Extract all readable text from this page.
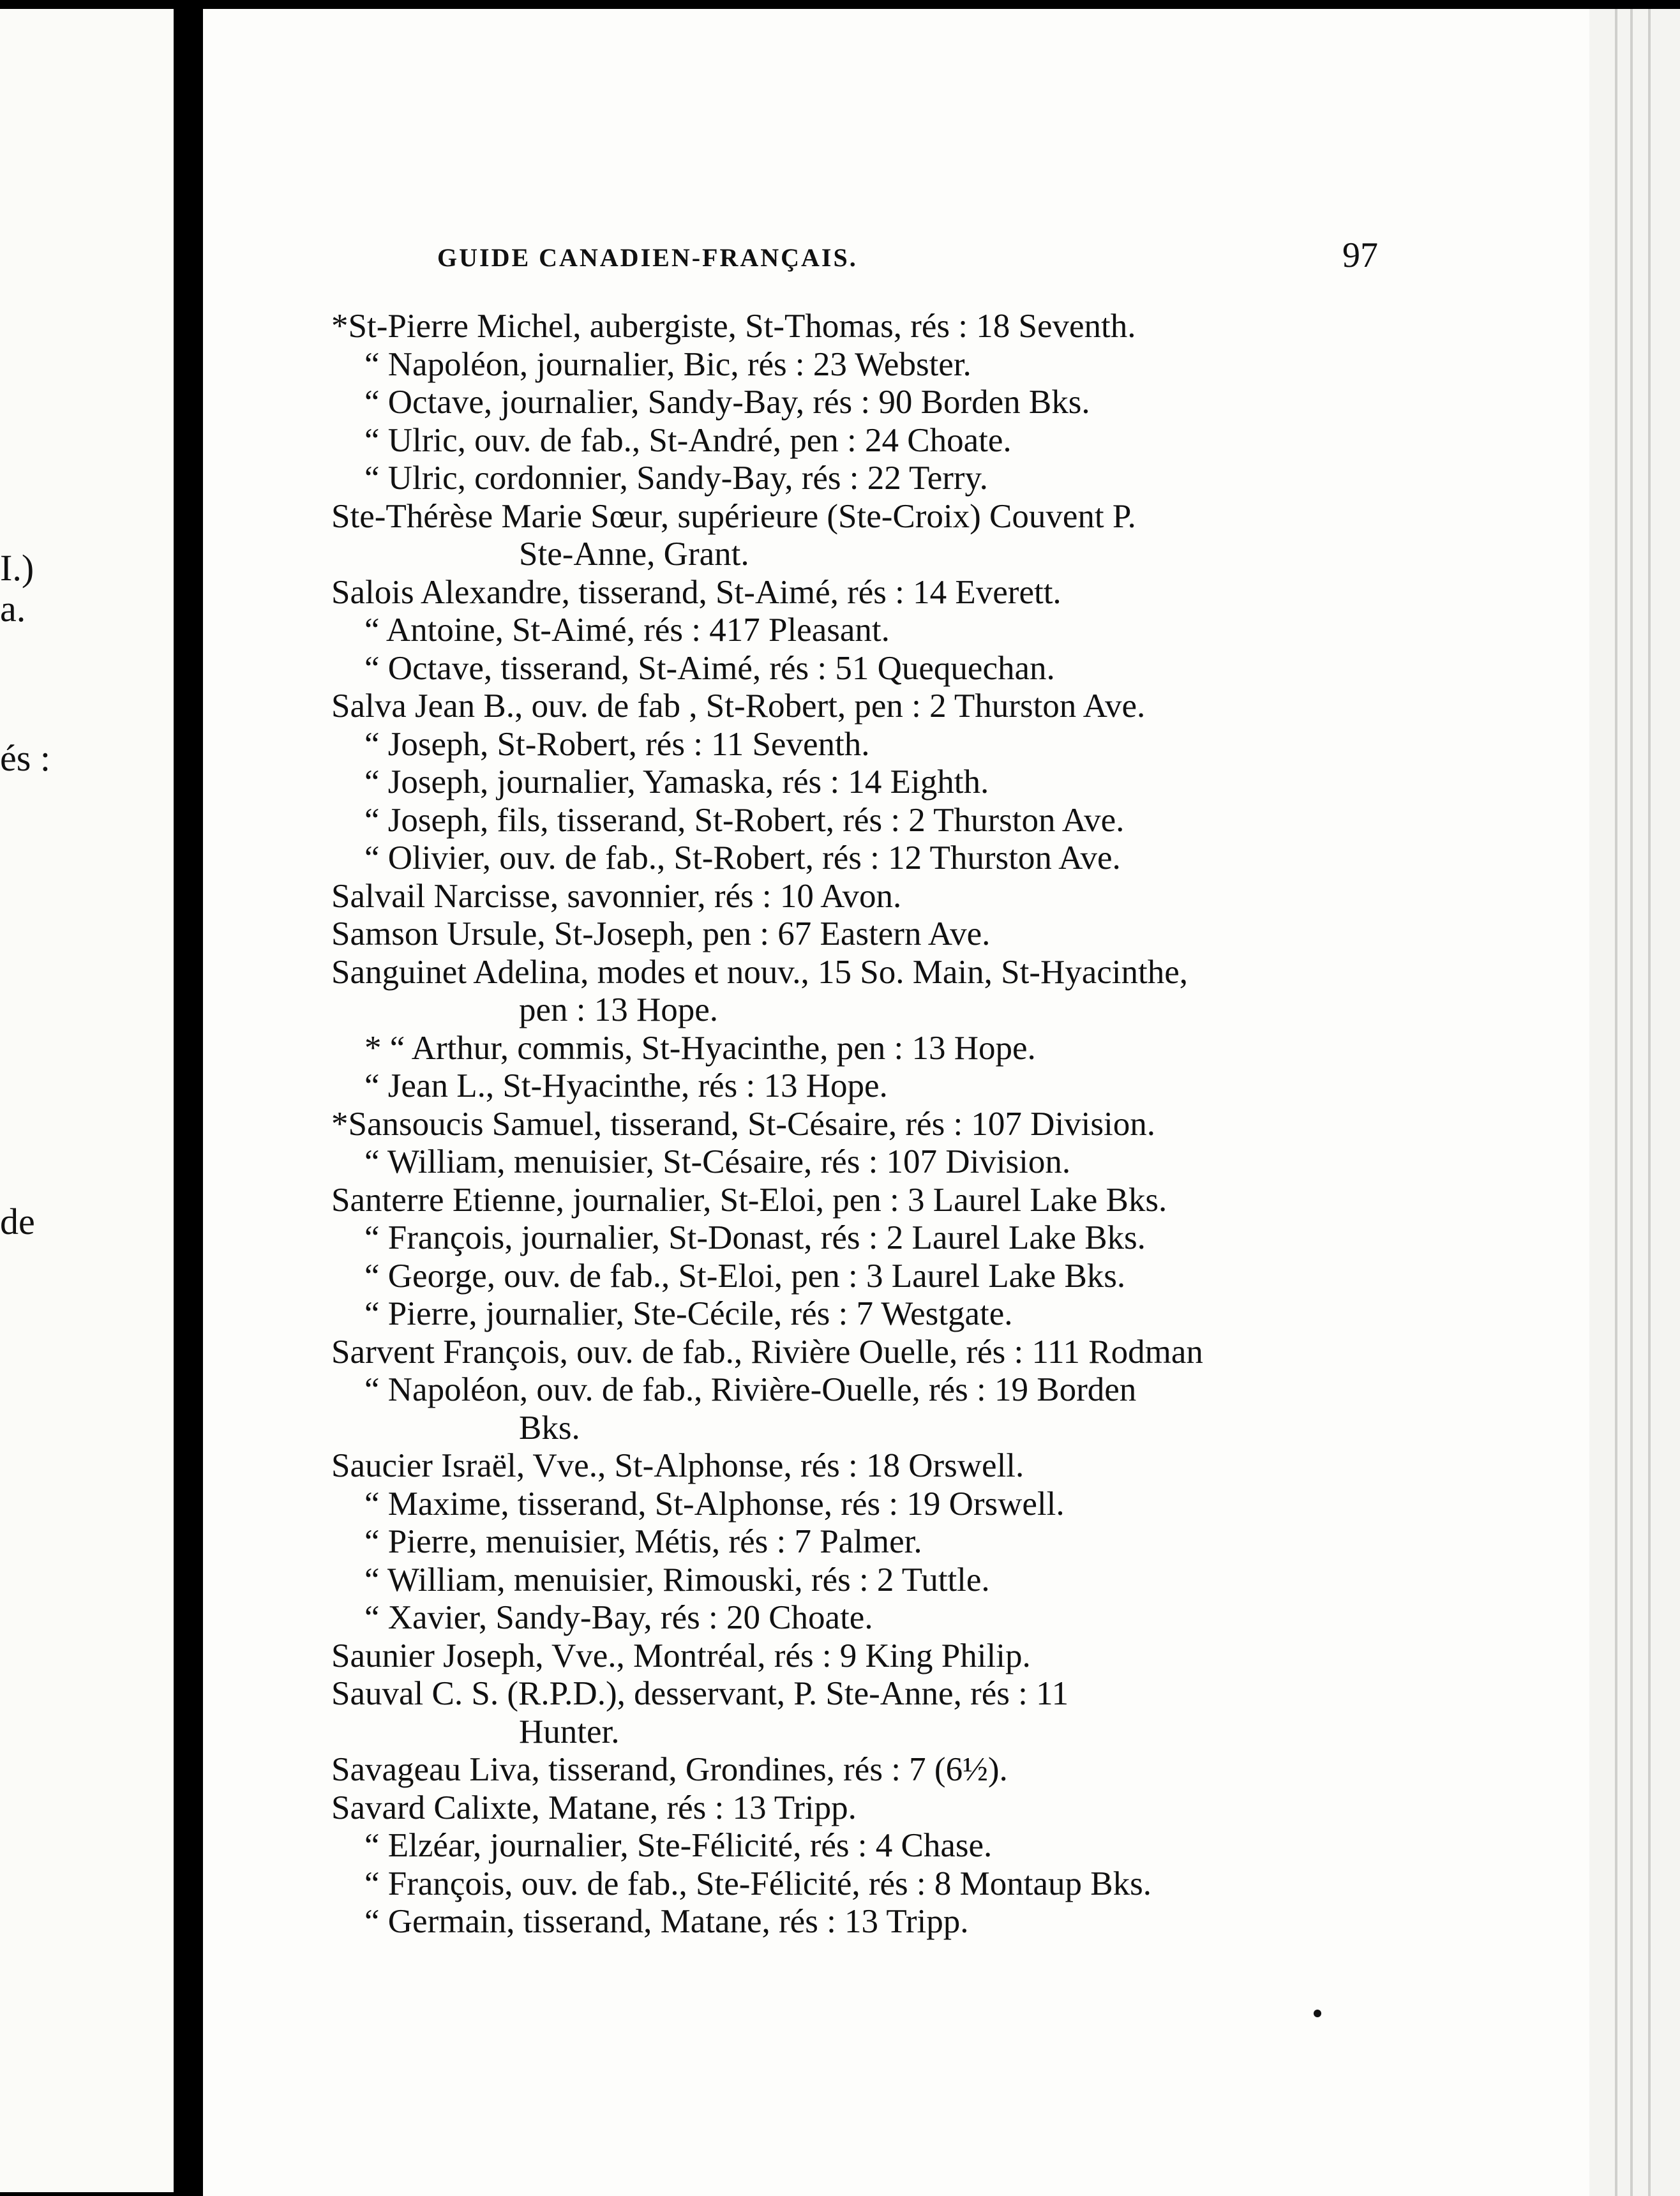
I.)
a.
és :
de
GUIDE CANADIEN-FRANÇAIS.	97
*St-Pierre Michel, aubergiste, St-Thomas, rés : 18 Seventh.
“ Napoléon, journalier, Bic, rés : 23 Webster.
“ Octave, journalier, Sandy-Bay, rés : 90 Borden Bks.
“ Ulric, ouv. de fab., St-André, pen : 24 Choate.
“ Ulric, cordonnier, Sandy-Bay, rés : 22 Terry.
Ste-Thérèse Marie Sœur, supérieure (Ste-Croix) Couvent P.
Ste-Anne, Grant.
Salois Alexandre, tisserand, St-Aimé, rés : 14 Everett.
“ Antoine, St-Aimé, rés : 417 Pleasant.
“ Octave, tisserand, St-Aimé, rés : 51 Quequechan.
Salva Jean B., ouv. de fab , St-Robert, pen : 2 Thurston Ave.
“ Joseph, St-Robert, rés : 11 Seventh.
“ Joseph, journalier, Yamaska, rés : 14 Eighth.
“ Joseph, fils, tisserand, St-Robert, rés : 2 Thurston Ave.
“ Olivier, ouv. de fab., St-Robert, rés : 12 Thurston Ave.
Salvail Narcisse, savonnier, rés : 10 Avon.
Samson Ursule, St-Joseph, pen : 67 Eastern Ave.
Sanguinet Adelina, modes et nouv., 15 So. Main, St-Hyacinthe,
pen : 13 Hope.
* “ Arthur, commis, St-Hyacinthe, pen : 13 Hope.
“ Jean L., St-Hyacinthe, rés : 13 Hope.
*Sansoucis Samuel, tisserand, St-Césaire, rés : 107 Division.
“ William, menuisier, St-Césaire, rés : 107 Division.
Santerre Etienne, journalier, St-Eloi, pen : 3 Laurel Lake Bks.
“ François, journalier, St-Donast, rés : 2 Laurel Lake Bks.
“ George, ouv. de fab., St-Eloi, pen : 3 Laurel Lake Bks.
“ Pierre, journalier, Ste-Cécile, rés : 7 Westgate.
Sarvent François, ouv. de fab., Rivière Ouelle, rés : 111 Rodman
“ Napoléon, ouv. de fab., Rivière-Ouelle, rés : 19 Borden
Bks.
Saucier Israël, Vve., St-Alphonse, rés : 18 Orswell.
“ Maxime, tisserand, St-Alphonse, rés : 19 Orswell.
“ Pierre, menuisier, Métis, rés : 7 Palmer.
“ William, menuisier, Rimouski, rés : 2 Tuttle.
“ Xavier, Sandy-Bay, rés : 20 Choate.
Saunier Joseph, Vve., Montréal, rés : 9 King Philip.
Sauval C. S. (R.P.D.), desservant, P. Ste-Anne, rés : 11
Hunter.
Savageau Liva, tisserand, Grondines, rés : 7 (6½).
Savard Calixte, Matane, rés : 13 Tripp.
“ Elzéar, journalier, Ste-Félicité, rés : 4 Chase.
“ François, ouv. de fab., Ste-Félicité, rés : 8 Montaup Bks.
“ Germain, tisserand, Matane, rés : 13 Tripp.
